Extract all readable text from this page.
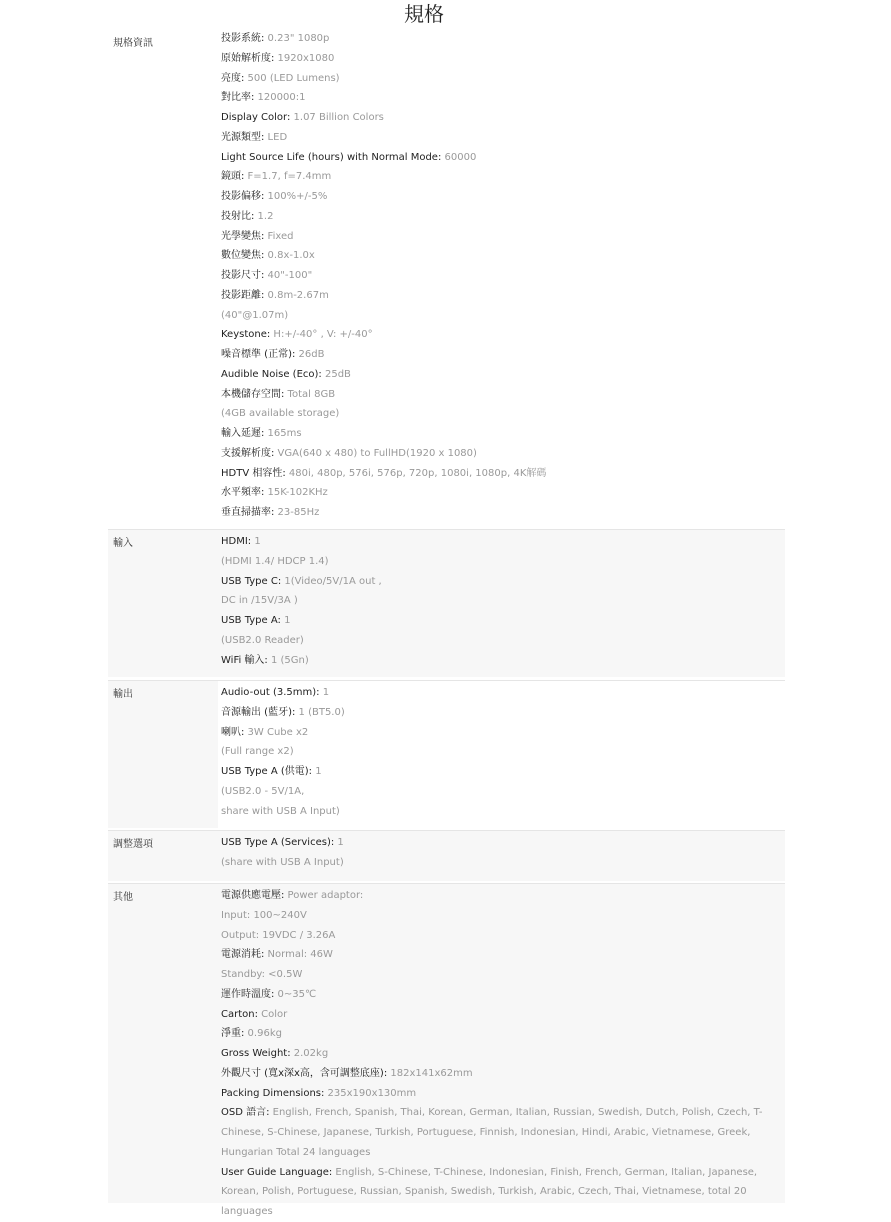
規格
規格資訊	投影系統: 0.23" 1080p
原始解析度: 1920x1080
亮度: 500 (LED Lumens)
對比率: 120000:1
Display Color: 1.07 Billion Colors
光源類型: LED
Light Source Life (hours) with Normal Mode: 60000
鏡頭: F=1.7, f=7.4mm
投影偏移: 100%+/-5%
投射比: 1.2
光學變焦: Fixed
數位變焦: 0.8x-1.0x
投影尺寸: 40"-100"
投影距離: 0.8m-2.67m
(40"@1.07m)
Keystone: H:+/-40° , V: +/-40°
噪音標準 (正常): 26dB
Audible Noise (Eco): 25dB
本機儲存空間: Total 8GB
(4GB available storage)
輸入延遲: 165ms
支援解析度: VGA(640 x 480) to FullHD(1920 x 1080)
HDTV 相容性: 480i, 480p, 576i, 576p, 720p, 1080i, 1080p, 4K解碼
水平頻率: 15K-102KHz
垂直掃描率: 23-85Hz
輸入	HDMI: 1
(HDMI 1.4/ HDCP 1.4)
USB Type C: 1(Video/5V/1A out ,
DC in /15V/3A )
USB Type A: 1
(USB2.0 Reader)
WiFi 輸入: 1 (5Gn)
輸出	Audio-out (3.5mm): 1
音源輸出 (藍牙): 1 (BT5.0)
喇叭: 3W Cube x2
(Full range x2)
USB Type A (供電): 1
(USB2.0 - 5V/1A,
share with USB A Input)
調整選項	USB Type A (Services): 1
(share with USB A Input)
其他	電源供應電壓: Power adaptor:
Input: 100~240V
Output: 19VDC / 3.26A
電源消耗: Normal: 46W
Standby: <0.5W
運作時溫度: 0~35℃
Carton: Color
淨重: 0.96kg
Gross Weight: 2.02kg
外觀尺寸 (寬x深x高，含可調整底座): 182x141x62mm
Packing Dimensions: 235x190x130mm
OSD 語言: English, French, Spanish, Thai, Korean, German, Italian, Russian, Swedish, Dutch, Polish, Czech, T-Chinese, S-Chinese, Japanese, Turkish, Portuguese, Finnish, Indonesian, Hindi, Arabic, Vietnamese, Greek, Hungarian Total 24 languages
User Guide Language: English, S-Chinese, T-Chinese, Indonesian, Finish, French, German, Italian, Japanese, Korean, Polish, Portuguese, Russian, Spanish, Swedish, Turkish, Arabic, Czech, Thai, Vietnamese, total 20 languages
